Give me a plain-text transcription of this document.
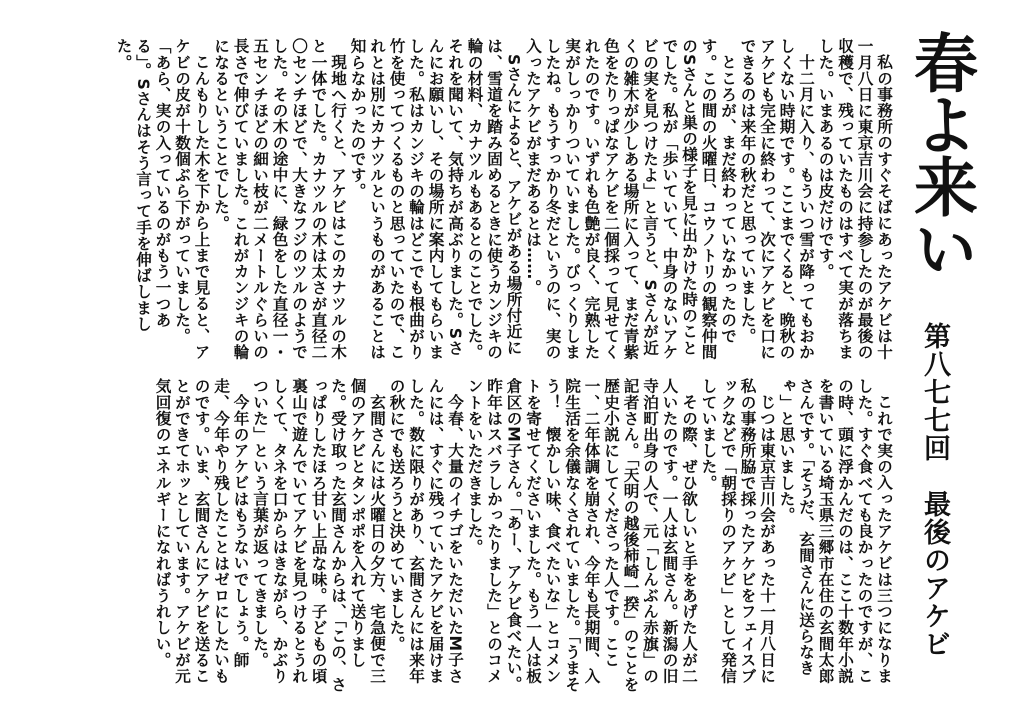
春よ来い
第八七七回　最後のアケビ

私の事務所のすぐそばにあったアケビは十一月八日に東京吉川会に持参したのが最後の収穫で、残っていたものはすべて実が落ちました。いまあるのは皮だけです。

十二月に入り、もういつ雪が降ってもおかしくない時期です。ここまでくると、晩秋のアケビも完全に終わって、次にアケビを口にできるのは来年の秋だと思っていました。

ところが、まだ終わっていなかったのです。この間の火曜日、コウノトリの観察仲間のSさんと巣の様子を見に出かけた時のことでした。私が「歩いていて、中身のないアケビの実を見つけたよ」と言うと、Sさんが近くの雑木が少しある場所に入って、まだ青紫色をたりっぱなアケビを二個採って見せてくれたのです。いずれも色艶が良く、完熟した実がしっかりついていました。びっくりしましたね。もうすっかり冬だというのに、実の入ったアケビがまだあるとは……。

Sさんによると、アケビがある場所付近には、雪道を踏み固めるときに使うカンジキの輪の材料、カナツルもあるとのことでした。それを聞いて、気持ちが高ぶりました。Sさんにお願いし、その場所に案内してもらいました。私はカンジキの輪はどこでも根曲がり竹を使ってつくるものと思っていたので、これとは別にカナツルというものがあることは知らなかったのです。

現地へ行くと、アケビはこのカナツルの木と一体でした。カナツルの木は太さが直径二〇センチほどで、大きなフジのツルのようでした。その木の途中に、緑色をした直径一・五センチほどの細い枝が二メートルぐらいの長さで伸びていました。これがカンジキの輪になるということでした。

こんもりした木を下から上まで見ると、アケビの皮が十数個ぶら下がっていました。「あら、実の入っているのがもう一つある」。Sさんはそう言って手を伸ばしました。

これで実の入ったアケビは三つになりました。すぐ食べても良かったのですが、この時、頭に浮かんだのは、ここ十数年小説を書いている埼玉県三郷市在住の玄間太郎さんです。「そうだ、玄間さんに送らなきゃ」と思いました。

じつは東京吉川会があった十一月八日に私の事務所脇で採ったアケビをフェイスブックなどで「朝採りのアケビ」として発信していました。

その際、ぜひ欲しいと手をあげた人が二人いたのです。一人は玄間さん。新潟の旧寺泊町出身の人で、元「しんぶん赤旗」の記者さん。「天明の越後柿崎一揆」のことを歴史小説にしてくださった人です。ここ一、二年体調を崩され、今年も長期間、入院生活を余儀なくされていました。「うまそう！　懐かしい味、食べたいな」とコメントを寄せてくださいました。もう一人は板倉区のM子さん。「あー、アケビ食べたい。昨年はスバラしかったりました」とのコメントをいただきました。

今春、大量のイチゴをいただいたM子さんには、すぐに残っていたアケビを届けました。数に限りがあり、玄間さんには来年の秋にでも送ろうと決めていました。

玄間さんには火曜日の夕方、宅急便で三個のアケビとタンポポを入れて送りました。受け取った玄間さんからは、「この、さっぱりしたほろ甘い上品な味。子どもの頃裏山で遊んでいてアケビを見つけるとうれしくて、タネを口からはきながら、かぶりついた」という言葉が返ってきました。

今年のアケビはもうないでしょう。師走、今年やり残したことはゼロにしたいものです。いま、玄間さんにアケビを送ることができてホッとしています。アケビが元気回復のエネルギーになればうれしい。
